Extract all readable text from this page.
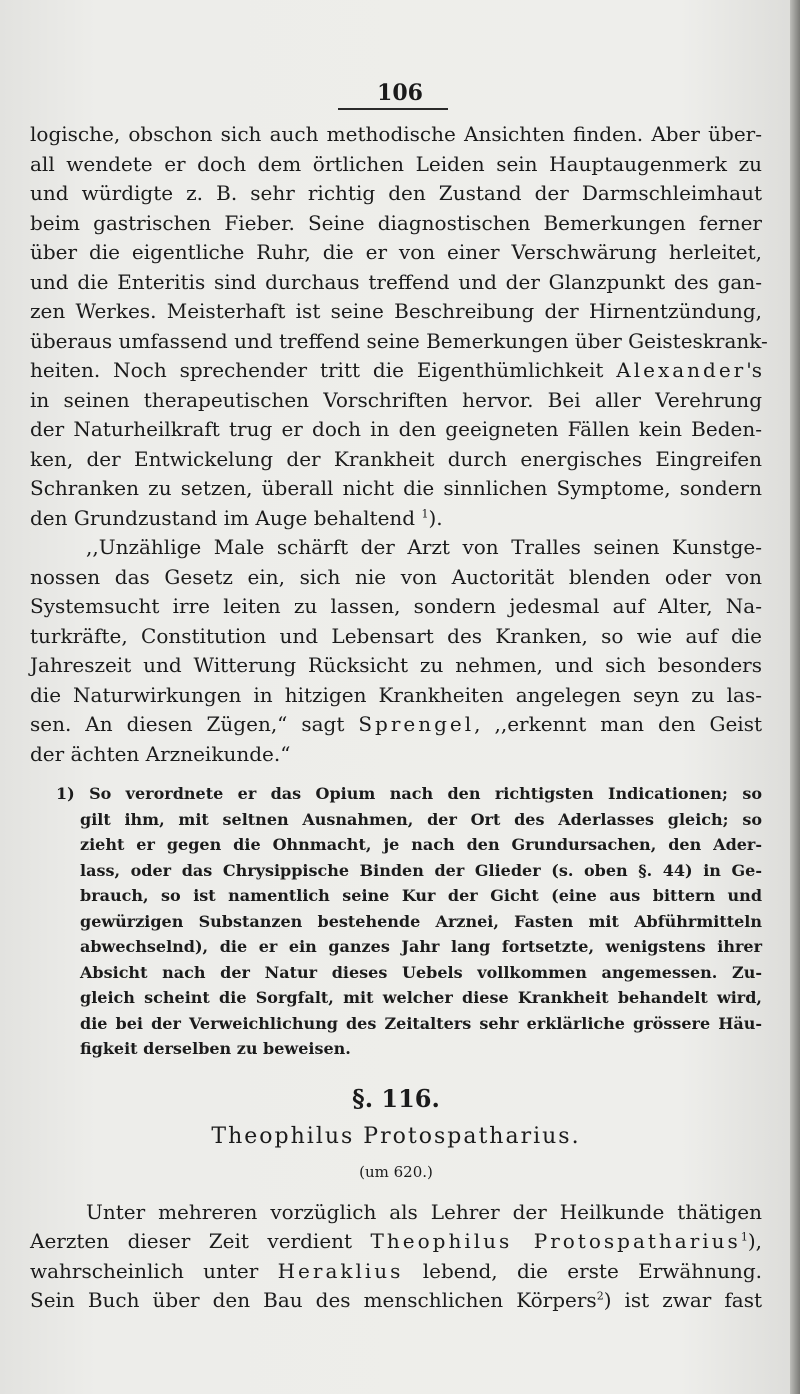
106

logische, obschon sich auch methodische Ansichten finden. Aber über-

all wendete er doch dem örtlichen Leiden sein Hauptaugenmerk zu

und würdigte z. B. sehr richtig den Zustand der Darmschleimhaut

beim gastrischen Fieber. Seine diagnostischen Bemerkungen ferner

über die eigentliche Ruhr, die er von einer Verschwärung herleitet,

und die Enteritis sind durchaus treffend und der Glanzpunkt des gan-

zen Werkes. Meisterhaft ist seine Beschreibung der Hirnentzündung,

überaus umfassend und treffend seine Bemerkungen über Geisteskrank-

heiten. Noch sprechender tritt die Eigenthümlichkeit Alexander's

in seinen therapeutischen Vorschriften hervor. Bei aller Verehrung

der Naturheilkraft trug er doch in den geeigneten Fällen kein Beden-

ken, der Entwickelung der Krankheit durch energisches Eingreifen

Schranken zu setzen, überall nicht die sinnlichen Symptome, sondern

den Grundzustand im Auge behaltend $^1$).

,,Unzählige Male schärft der Arzt von Tralles seinen Kunstge-

nossen das Gesetz ein, sich nie von Auctorität blenden oder von

Systemsucht irre leiten zu lassen, sondern jedesmal auf Alter, Na-

turkräfte, Constitution und Lebensart des Kranken, so wie auf die

Jahreszeit und Witterung Rücksicht zu nehmen, und sich besonders

die Naturwirkungen in hitzigen Krankheiten angelegen seyn zu las-

sen. An diesen Zügen,“ sagt Sprengel, ,,erkennt man den Geist

der ächten Arzneikunde.“

1) So verordnete er das Opium nach den richtigsten Indicationen; so

gilt ihm, mit seltnen Ausnahmen, der Ort des Aderlasses gleich; so

zieht er gegen die Ohnmacht, je nach den Grundursachen, den Ader-

lass, oder das Chrysippische Binden der Glieder (s. oben §. 44) in Ge-

brauch, so ist namentlich seine Kur der Gicht (eine aus bittern und

gewürzigen Substanzen bestehende Arznei, Fasten mit Abführmitteln

abwechselnd), die er ein ganzes Jahr lang fortsetzte, wenigstens ihrer

Absicht nach der Natur dieses Uebels vollkommen angemessen. Zu-

gleich scheint die Sorgfalt, mit welcher diese Krankheit behandelt wird,

die bei der Verweichlichung des Zeitalters sehr erklärliche grössere Häu-

figkeit derselben zu beweisen.

§. 116.
Theophilus Protospatharius.
(um 620.)

Unter mehreren vorzüglich als Lehrer der Heilkunde thätigen

Aerzten dieser Zeit verdient Theophilus Protospatharius$^1$),

wahrscheinlich unter Heraklius lebend, die erste Erwähnung.

Sein Buch über den Bau des menschlichen Körpers$^2$) ist zwar fast
